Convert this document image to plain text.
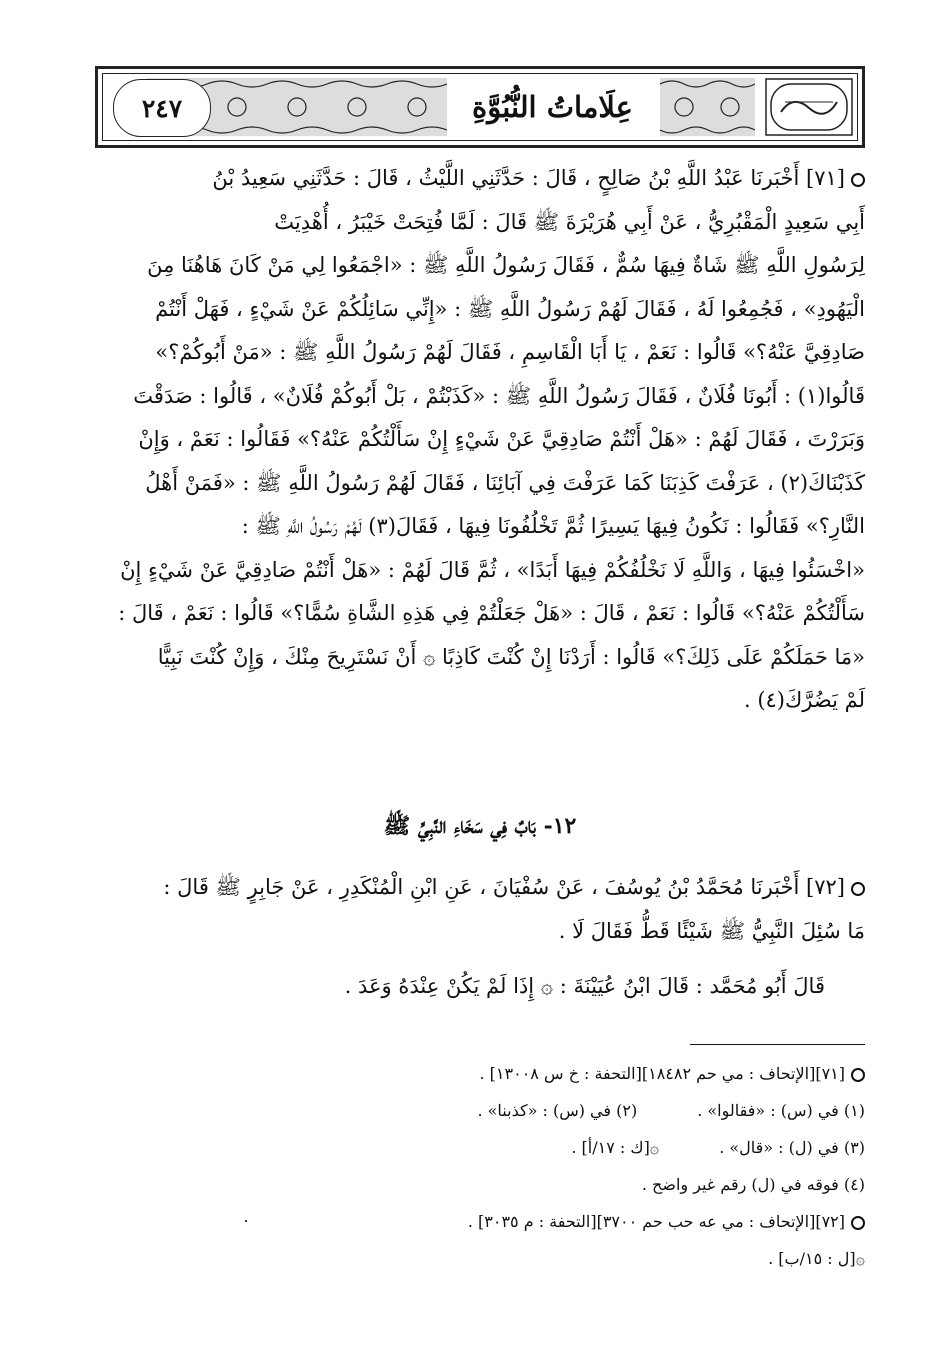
٢٤٧	عِلَاماتُ النُّبُوَّةِ
[٧١] أَخْبَرنَا عَبْدُ اللَّهِ بْنُ صَالِحٍ ، قَالَ : حَدَّثَنِي اللَّيْثُ ، قَالَ : حَدَّثَنِي سَعِيدُ بْنُ
أَبِي سَعِيدٍ الْمَقْبُرِيُّ ، عَنْ أَبِي هُرَيْرَةَ ﷺ قَالَ : لَمَّا فُتِحَتْ خَيْبَرُ ، أُهْدِيَتْ
لِرَسُولِ اللَّهِ ﷺ شَاةٌ فِيهَا سُمٌّ ، فَقَالَ رَسُولُ اللَّهِ ﷺ : «اجْمَعُوا لِي مَنْ كَانَ هَاهُنَا مِنَ
الْيَهُودِ» ، فَجُمِعُوا لَهُ ، فَقَالَ لَهُمْ رَسُولُ اللَّهِ ﷺ : «إِنِّي سَائِلُكُمْ عَنْ شَيْءٍ ، فَهَلْ أَنْتُمْ
صَادِقِيَّ عَنْهُ؟» قَالُوا : نَعَمْ ، يَا أَبَا الْقَاسِمِ ، فَقَالَ لَهُمْ رَسُولُ اللَّهِ ﷺ : «مَنْ أَبُوكُمْ؟»
قَالُوا(١) : أَبُونَا فُلَانٌ ، فَقَالَ رَسُولُ اللَّهِ ﷺ : «كَذَبْتُمْ ، بَلْ أَبُوكُمْ فُلَانٌ» ، قَالُوا : صَدَقْتَ
وَبَرَرْتَ ، فَقَالَ لَهُمْ : «هَلْ أَنْتُمْ صَادِقِيَّ عَنْ شَيْءٍ إِنْ سَأَلْتُكُمْ عَنْهُ؟» فَقَالُوا : نَعَمْ ، وَإِنْ
كَذَبْنَاكَ(٢) ، عَرَفْتَ كَذِبَنَا كَمَا عَرَفْتَ فِي آبَائِنَا ، فَقَالَ لَهُمْ رَسُولُ اللَّهِ ﷺ : «فَمَنْ أَهْلُ
النَّارِ؟» فَقَالُوا : نَكُونُ فِيهَا يَسِيرًا ثُمَّ تَخْلُفُونَا فِيهَا ، فَقَالَ(٣) لَهُمْ رَسُولُ اللَّهِ ﷺ :
«اخْسَئُوا فِيهَا ، وَاللَّهِ لَا نَخْلُفُكُمْ فِيهَا أَبَدًا» ، ثُمَّ قَالَ لَهُمْ : «هَلْ أَنْتُمْ صَادِقِيَّ عَنْ شَيْءٍ إِنْ
سَأَلْتُكُمْ عَنْهُ؟» قَالُوا : نَعَمْ ، قَالَ : «هَلْ جَعَلْتُمْ فِي هَذِهِ الشَّاةِ سُمًّا؟» قَالُوا : نَعَمْ ، قَالَ :
«مَا حَمَلَكُمْ عَلَى ذَلِكَ؟» قَالُوا : أَرَدْنَا إِنْ كُنْتَ كَاذِبًا ۞ أَنْ نَسْتَرِيحَ مِنْكَ ، وَإِنْ كُنْتَ نَبِيًّا
لَمْ يَضُرَّكَ(٤) .
١٢- بَابٌ فِي سَخَاءِ النَّبِيِّ ﷺ
[٧٢] أَخْبَرنَا مُحَمَّدُ بْنُ يُوسُفَ ، عَنْ سُفْيَانَ ، عَنِ ابْنِ الْمُنْكَدِرِ ، عَنْ جَابِرٍ ﷺ قَالَ :
مَا سُئِلَ النَّبِيُّ ﷺ شَيْئًا قَطُّ فَقَالَ لَا .
قَالَ أَبُو مُحَمَّد : قَالَ ابْنُ عُيَيْنَةَ : ۞ إِذَا لَمْ يَكُنْ عِنْدَهُ وَعَدَ .
[٧١][الإتحاف : مي حم ١٨٤٨٢][التحفة : خ س ١٣٠٠٨] .
(١) في (س) : «فقالوا» .
(٢) في (س) : «كذبنا» .
(٣) في (ل) : «قال» .
۞[ك : ١٧/أ] .
(٤) فوقه في (ل) رقم غير واضح .
[٧٢][الإتحاف : مي عه حب حم ٣٧٠٠][التحفة : م ٣٠٣٥] .
۞[ل : ١٥/ب] .
